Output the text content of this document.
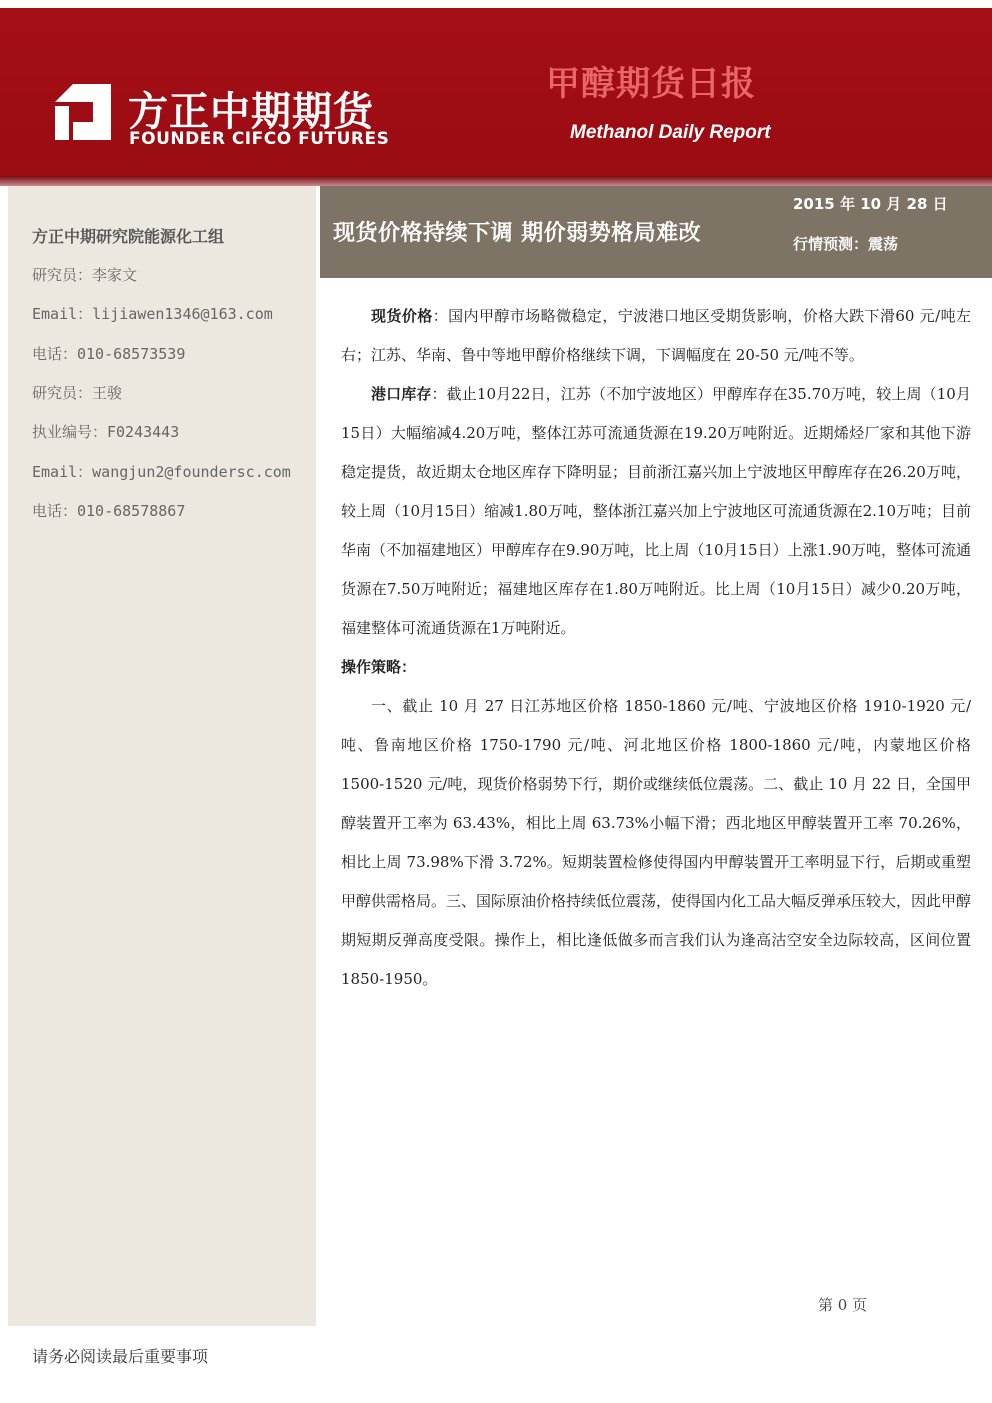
方正中期期货
FOUNDER CIFCO FUTURES
甲醇期货日报
Methanol Daily Report
方正中期研究院能源化工组
研究员：李家文
Email：lijiawen1346@163.com
电话：010-68573539
研究员：王骏
执业编号：F0243443
Email：wangjun2@foundersc.com
电话：010-68578867
现货价格持续下调 期价弱势格局难改
2015 年 10 月 28 日
行情预测：震荡

现货价格：国内甲醇市场略微稳定，宁波港口地区受期货影响，价格大跌下滑60 元/吨左右；江苏、华南、鲁中等地甲醇价格继续下调，下调幅度在 20-50 元/吨不等。

港口库存：截止10月22日，江苏（不加宁波地区）甲醇库存在35.70万吨，较上周（10月15日）大幅缩减4.20万吨，整体江苏可流通货源在19.20万吨附近。近期烯烃厂家和其他下游稳定提货，故近期太仓地区库存下降明显；目前浙江嘉兴加上宁波地区甲醇库存在26.20万吨，较上周（10月15日）缩减1.80万吨，整体浙江嘉兴加上宁波地区可流通货源在2.10万吨；目前华南（不加福建地区）甲醇库存在9.90万吨，比上周（10月15日）上涨1.90万吨，整体可流通货源在7.50万吨附近；福建地区库存在1.80万吨附近。比上周（10月15日）减少0.20万吨，福建整体可流通货源在1万吨附近。

操作策略：

一、截止 10 月 27 日江苏地区价格 1850-1860 元/吨、宁波地区价格 1910-1920 元/吨、鲁南地区价格 1750-1790 元/吨、河北地区价格 1800-1860 元/吨，内蒙地区价格 1500-1520 元/吨，现货价格弱势下行，期价或继续低位震荡。二、截止 10 月 22 日，全国甲醇装置开工率为 63.43%，相比上周 63.73%小幅下滑；西北地区甲醇装置开工率 70.26%，相比上周 73.98%下滑 3.72%。短期装置检修使得国内甲醇装置开工率明显下行，后期或重塑甲醇供需格局。三、国际原油价格持续低位震荡，使得国内化工品大幅反弹承压较大，因此甲醇期短期反弹高度受限。操作上，相比逢低做多而言我们认为逢高沽空安全边际较高，区间位置 1850-1950。

第 0 页
请务必阅读最后重要事项
